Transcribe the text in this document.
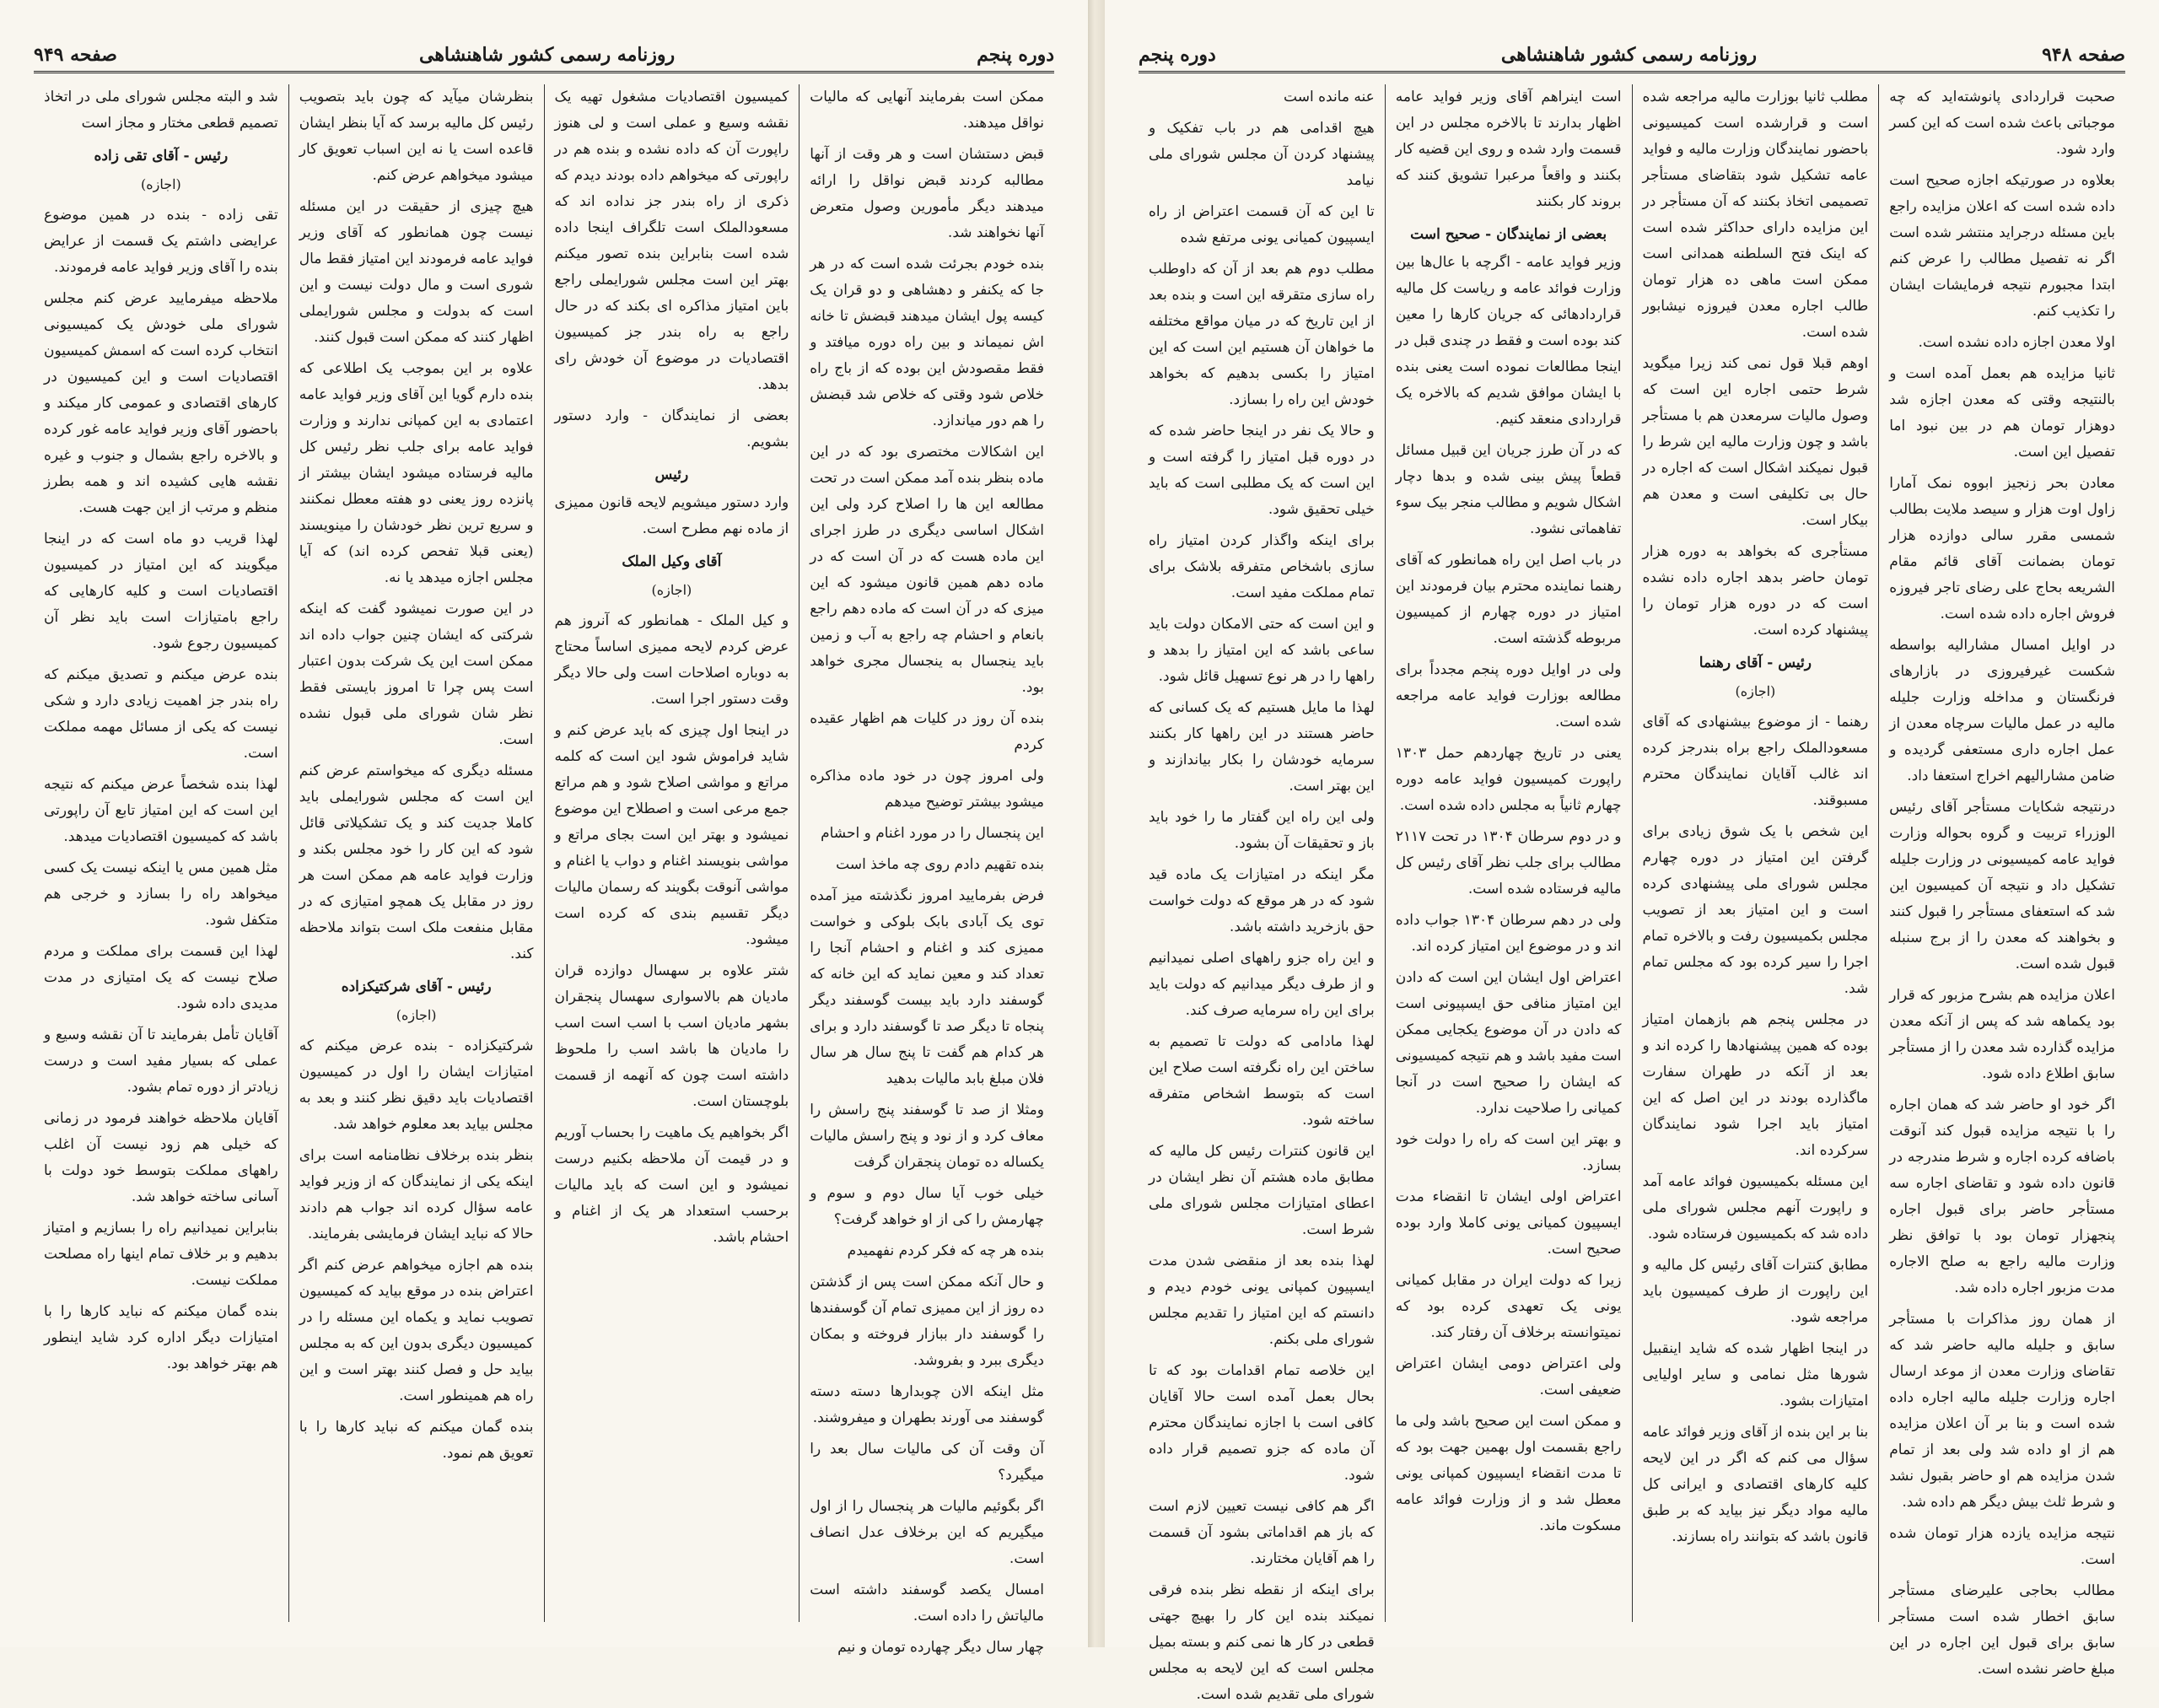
دوره پنجم
روزنامه رسمی کشور شاهنشاهی
صفحه ۹۴۹

ممکن است بفرمایند آنهایی که مالیات نواقل میدهند.

قبض دستشان است و هر وقت از آنها مطالبه کردند قبض نواقل را ارائه میدهند دیگر مأمورین وصول متعرض آنها نخواهند شد.

بنده خودم بجرئت شده است که در هر جا که یکنفر و دهشاهی و دو قران یک کیسه پول ایشان میدهند قبضش تا خانه اش نمیماند و بین راه دوره میافتد و فقط مقصودش این بوده که از باج راه خلاص شود وقتی که خلاص شد قبضش را هم دور میاندازد.

این اشکالات مختصری بود که در این ماده بنظر بنده آمد ممکن است در تحت مطالعه این ها را اصلاح کرد ولی این اشکال اساسی دیگری در طرز اجرای این ماده هست که در آن است که در ماده دهم همین قانون میشود که این میزی که در آن است که ماده دهم راجع بانعام و احشام چه راجع به آب و زمین باید ینجسال به ینجسال مجری خواهد بود.

بنده آن روز در کلیات هم اظهار عقیده کردم

ولی امروز چون در خود ماده مذاکره میشود بیشتر توضیح میدهم

این پنجسال را در مورد اغنام و احشام

بنده تقهیم دادم روی چه ماخذ است

فرض بفرمایید امروز نگذشته میز آمده توی یک آبادی بابک بلوکی و خواست ممیزی کند و اغنام و احشام آنجا را تعداد کند و معین نماید که این خانه که گوسفند دارد باید بیست گوسفند دیگر پنجاه تا دیگر صد تا گوسفند دارد و برای هر کدام هم گفت تا پنج سال هر سال فلان مبلغ بابد مالیات بدهید

ومثلا از صد تا گوسفند پنج راسش را معاف کرد و از نود و پنج راسش مالیات یکساله ده تومان پنجقران گرفت

خیلی خوب آیا سال دوم و سوم و چهارمش را کی از او خواهد گرفت؟

بنده هر چه که فکر کردم نفهمیدم

و حال آنکه ممکن است پس از گذشتن ده روز از این ممیزی تمام آن گوسفندها را گوسفند دار ببازار فروخته و بمکان دیگری ببرد و بفروشد.

مثل اینکه الان چوبدارها دسته دسته گوسفند می آورند بطهران و میفروشند.

آن وقت آن کی مالیات سال بعد را میگیرد؟

اگر بگوئیم مالیات هر پنجسال را از اول میگیریم که این برخلاف عدل انصاف است.

امسال یکصد گوسفند داشته است مالیاتش را داده است.

چهار سال دیگر چهارده تومان و نیم

کمیسیون اقتصادیات مشغول تهیه یک نقشه وسیع و عملی است و لی هنوز راپورت آن که داده نشده و بنده هم در راپورتی که میخواهم داده بودند دیدم که ذکری از راه بندر جز نداده اند که مسعودالملک است تلگراف اینجا داده شده است بنابراین بنده تصور میکنم بهتر این است مجلس شورایملی راجع باین امتیاز مذاکره ای بکند که در حال راجع به راه بندر جز کمیسیون اقتصادیات در موضوع آن خودش رای بدهد.

بعضی از نمایندگان - وارد دستور بشویم.

رئیس

وارد دستور میشویم لایحه قانون ممیزی از ماده نهم مطرح است.

آقای وکیل الملک
(اجازه)

و کیل الملک - همانطور که آنروز هم عرض کردم لایحه ممیزی اساساً محتاج به دوباره اصلاحات است ولی حالا دیگر وقت دستور اجرا است.

در اینجا اول چیزی که باید عرض کنم و شاید فراموش شود این است که کلمه مراتع و مواشی اصلاح شود و هم مراتع جمع مرعی است و اصطلاح این موضوع نمیشود و بهتر این است بجای مراتع و مواشی بنویسند اغنام و دواب یا اغنام و مواشی آنوقت بگویند که رسمان مالیات دیگر تقسیم بندی که کرده است میشود.

شتر علاوه بر سهسال دوازده قران مادیان هم بالاسواری سهسال پنجقران بشهر مادیان اسب با اسب است اسب را مادیان ها باشد اسب را ملحوظ داشته است چون که آنهمه از قسمت بلوچستان است.

اگر بخواهیم یک ماهیت را بحساب آوریم و در قیمت آن ملاحظه بکنیم درست نمیشود و این است که باید مالیات برحسب استعداد هر یک از اغنام و احشام باشد.

بنظرشان میآید که چون باید بتصویب رئیس کل مالیه برسد که آیا بنظر ایشان قاعده است یا نه این اسباب تعویق کار میشود میخواهم عرض کنم.

هیچ چیزی از حقیقت در این مسئله نیست چون همانطور که آقای وزیر فواید عامه فرمودند این امتیاز فقط مال شوری است و مال دولت نیست و این است که بدولت و مجلس شورایملی اظهار کنند که ممکن است قبول کنند.

علاوه بر این بموجب یک اطلاعی که بنده دارم گویا این آقای وزیر فواید عامه اعتمادی به این کمپانی ندارند و وزارت فواید عامه برای جلب نظر رئیس کل مالیه فرستاده میشود ایشان بیشتر از پانزده روز یعنی دو هفته معطل نمکنند و سریع ترین نظر خودشان را مینویسند (یعنی قبلا تفحص کرده اند) که آیا مجلس اجازه میدهد یا نه.

در این صورت نمیشود گفت که اینکه شرکتی که ایشان چنین جواب داده اند ممکن است این یک شرکت بدون اعتبار است پس چرا تا امروز بایستی فقط نظر شان شورای ملی قبول نشده است.

مسئله دیگری که میخواستم عرض کنم این است که مجلس شورایملی باید کاملا جدیت کند و یک تشکیلاتی قائل شود که این کار را خود مجلس بکند و وزارت فواید عامه هم ممکن است هر روز در مقابل یک همچو امتیازی که در مقابل منفعت ملک است بتواند ملاحظه کند.

رئیس - آقای شرکتیکزاده
(اجازه)

شرکتیکزاده - بنده عرض میکنم که امتیازات ایشان را اول در کمیسیون اقتصادیات باید دقیق نظر کنند و بعد به مجلس بیاید بعد معلوم خواهد شد.

بنظر بنده برخلاف نظامنامه است برای اینکه یکی از نمایندگان که از وزیر فواید عامه سؤال کرده اند جواب هم دادند حالا که نباید ایشان فرمایشی بفرمایند.

بنده هم اجازه میخواهم عرض کنم اگر اعتراض بنده در موقع بیاید که کمیسیون تصویب نماید و یکماه این مسئله را در کمیسیون دیگری بدون این که به مجلس بیاید حل و فصل کنند بهتر است و این راه هم همینطور است.

بنده گمان میکنم که نباید کارها را با تعویق هم نمود.

شد و البته مجلس شورای ملی در اتخاذ تصمیم قطعی مختار و مجاز است

رئیس - آقای تقی زاده
(اجازه)

تقی زاده - بنده در همین موضوع عرایضی داشتم یک قسمت از عرایض بنده را آقای وزیر فواید عامه فرمودند.

ملاحظه میفرمایید عرض کنم مجلس شورای ملی خودش یک کمیسیونی انتخاب کرده است که اسمش کمیسیون اقتصادیات است و این کمیسیون در کارهای اقتصادی و عمومی کار میکند و باحضور آقای وزیر فواید عامه غور کرده و بالاخره راجع بشمال و جنوب و غیره نقشه هایی کشیده اند و همه بطرز منظم و مرتب از این جهت هست.

لهذا قریب دو ماه است که در اینجا میگویند که این امتیاز در کمیسیون اقتصادیات است و کلیه کارهایی که راجع بامتیازات است باید نظر آن کمیسیون رجوع شود.

بنده عرض میکنم و تصدیق میکنم که راه بندر جز اهمیت زیادی دارد و شکی نیست که یکی از مسائل مهمه مملکت است.

لهذا بنده شخصاً عرض میکنم که نتیجه این است که این امتیاز تابع آن راپورتی باشد که کمیسیون اقتصادیات میدهد.

مثل همین مس یا اینکه نیست یک کسی میخواهد راه را بسازد و خرجی هم متکفل شود.

لهذا این قسمت برای مملکت و مردم صلاح نیست که یک امتیازی در مدت مدیدی داده شود.

آقایان تأمل بفرمایند تا آن نقشه وسیع و عملی که بسیار مفید است و درست زیادتر از دوره تمام بشود.

آقایان ملاحظه خواهند فرمود در زمانی که خیلی هم زود نیست آن اغلب راههای مملکت بتوسط خود دولت با آسانی ساخته خواهد شد.

بنابراین نمیدانیم راه را بسازیم و امتیاز بدهیم و بر خلاف تمام اینها راه مصلحت مملکت نیست.

بنده گمان میکنم که نباید کارها را با امتیازات دیگر اداره کرد شاید اینطور هم بهتر خواهد بود.

صفحه ۹۴۸
روزنامه رسمی کشور شاهنشاهی
دوره پنجم

صحبت قراردادی پانوشته‌اید که چه موجباتی باعث شده است که این کسر وارد شود.

بعلاوه در صورتیکه اجازه صحیح است داده شده است که اعلان مزایده راجع باین مسئله درجراید منتشر شده است اگر نه تفصیل مطالب را عرض کنم ابتدا مجبورم نتیجه فرمایشات ایشان را تکذیب کنم.

اولا معدن اجازه داده نشده است.

ثانیا مزایده هم بعمل آمده است و بالنتیجه وقتی که معدن اجازه شد دوهزار تومان هم در بین نبود اما تفصیل این است.

معادن بحر زنجیز ابووه نمک آمارا زاول اوت هزار و سیصد ملایت بطالب شمسی مقرر سالی دوازده هزار تومان بضمانت آقای قائم مقام الشریعه بحاج علی رضای تاجر فیروزه فروش اجاره داده شده است.

در اوایل امسال مشارالیه بواسطه شکست غیرفیروزی در بازارهای فرنگستان و مداخله وزارت جلیله مالیه در عمل مالیات سرچاه معدن از عمل اجاره داری مستعفی گردیده و ضامن مشارالیهم اخراج استعفا داد.

درنتیجه شکایات مستأجر آقای رئیس الوزراء تربیت و گروه بحواله وزارت فواید عامه کمیسیونی در وزارت جلیله تشکیل داد و نتیجه آن کمیسیون این شد که استعفای مستأجر را قبول کنند و بخواهند که معدن را از برج سنبله قبول شده است.

اعلان مزایده هم بشرح مزبور که قرار بود یکماهه شد که پس از آنکه معدن مزایده گذارده شد معدن را از مستأجر سابق اطلاع داده شود.

اگر خود او حاضر شد که همان اجاره را با نتیجه مزایده قبول کند آنوقت باضافه کرده اجاره و شرط مندرجه در قانون داده شود و تقاضای اجاره سه مستأجر حاضر برای قبول اجاره پنجهزار تومان بود با توافق نظر وزارت مالیه راجع به صلح الاجاره مدت مزبور اجاره داده شد.

از همان روز مذاکرات با مستأجر سابق و جلیله مالیه حاضر شد که تقاضای وزارت معدن از موعد ارسال اجاره وزارت جلیله مالیه اجاره داده شده است و بنا بر آن اعلان مزایده هم از او داده شد ولی بعد از تمام شدن مزایده هم او حاضر بقبول نشد و شرط ثلث بیش دیگر هم داده شد.

نتیجه مزایده یازده هزار تومان شده است.

مطالب بحاجی علیرضای مستأجر سابق اخطار شده است مستأجر سابق برای قبول این اجاره در این مبلغ حاضر نشده است.

مطلب ثانیا بوزارت مالیه مراجعه شده است و قرارشده است کمیسیونی باحضور نمایندگان وزارت مالیه و فواید عامه تشکیل شود بتقاضای مستأجر تصمیمی اتخاذ بکنند که آن مستأجر در این مزایده دارای حداکثر شده است که اینک فتح السلطنه همدانی است ممکن است ماهی ده هزار تومان طالب اجاره معدن فیروزه نیشابور شده است.

اوهم قبلا قول نمی کند زیرا میگوید شرط حتمی اجاره این است که وصول مالیات سرمعدن هم با مستأجر باشد و چون وزارت مالیه این شرط را قبول نمیکند اشکال است که اجاره در حال بی تکلیفی است و معدن هم بیکار است.

مستأجری که بخواهد به دوره هزار تومان حاضر بدهد اجاره داده نشده است که در دوره هزار تومان را پیشنهاد کرده است.

رئیس - آقای رهنما
(اجازه)

رهنما - از موضوع بیشنهادی که آقای مسعودالملک راجع براه بندرجز کرده اند غالب آقایان نمایندگان محترم مسبوقند.

این شخص با یک شوق زیادی برای گرفتن این امتیاز در دوره چهارم مجلس شورای ملی پیشنهادی کرده است و این امتیاز بعد از تصویب مجلس بکمیسیون رفت و بالاخره تمام اجرا را سیر کرده بود که مجلس تمام شد.

در مجلس پنجم هم بازهمان امتیاز بوده که همین پیشنهادها را کرده اند و بعد از آنکه در طهران سفارت ماگذارده بودند در این اصل که این امتیاز باید اجرا شود نمایندگان سرکرده اند.

این مسئله بکمیسیون فوائد عامه آمد و راپورت آنهم مجلس شورای ملی داده شد که بکمیسیون فرستاده شود.

مطابق کنترات آقای رئیس کل مالیه و این راپورت از طرف کمیسیون باید مراجعه شود.

در اینجا اظهار شده که شاید اینقبیل شورها مثل نمامی و سایر اولیایی امتیازات بشود.

بنا بر این بنده از آقای وزیر فوائد عامه سؤال می کنم که اگر در این لایحه کلیه کارهای اقتصادی و ایرانی کل مالیه مواد دیگر نیز بیاید که بر طبق قانون باشد که بتوانند راه بسازند.

است اینراهم آقای وزیر فواید عامه اظهار بدارند تا بالاخره مجلس در این قسمت وارد شده و روی این قضیه کار بکنند و واقعاً مرعبرا تشویق کنند که بروند کار بکنند

بعضی از نمایندگان - صحیح است

وزیر فواید عامه - اگرچه با عال‌ها بین وزارت فوائد عامه و ریاست کل مالیه قراردادهائی که جریان کارها را معین کند بوده است و فقط در چندی قبل در اینجا مطالعات نموده است یعنی بنده با ایشان موافق شدیم که بالاخره یک قراردادی منعقد کنیم.

که در آن طرز جریان این قبیل مسائل قطعاً پیش بینی شده و بدها دچار اشکال شویم و مطالب منجر بیک سوء تفاهماتی نشود.

در باب اصل این راه همانطور که آقای رهنما نماینده محترم بیان فرمودند این امتیاز در دوره چهارم از کمیسیون مربوطه گذشته است.

ولی در اوایل دوره پنجم مجدداً برای مطالعه بوزارت فواید عامه مراجعه شده است.

یعنی در تاریخ چهاردهم حمل ۱۳۰۳ راپورت کمیسیون فواید عامه دوره چهارم ثانیاً به مجلس داده شده است.

و در دوم سرطان ۱۳۰۴ در تحت ۲۱۱۷ مطالب برای جلب نظر آقای رئیس کل مالیه فرستاده شده است.

ولی در دهم سرطان ۱۳۰۴ جواب داده اند و در موضوع این امتیاز کرده اند.

اعتراض اول ایشان این است که دادن این امتیاز منافی حق ایسپیونی است که دادن در آن موضوع یکجایی ممکن است مفید باشد و هم نتیجه کمیسیونی که ایشان را صحیح است در آنجا کمیانی را صلاحیت ندارد.

و بهتر این است که راه را دولت خود بسازد.

اعتراض اولی ایشان تا انقضاء مدت ایسپیون کمیانی یونی کاملا وارد بوده صحیح است.

زیرا که دولت ایران در مقابل کمیانی یونی یک تعهدی کرده بود که نمیتوانسته برخلاف آن رفتار کند.

ولی اعتراض دومی ایشان اعتراض ضعیفی است.

و ممکن است این صحیح باشد ولی ما راجع بقسمت اول بهمین جهت بود که تا مدت انقضاء ایسپیون کمپانی یونی معطل شد و از وزارت فوائد عامه مسکوت ماند.

عنه مانده است

هیچ اقدامی هم در باب تفکیک و پیشنهاد کردن آن مجلس شورای ملی نیامد

تا این که آن قسمت اعتراض از راه ایسپیون کمیانی یونی مرتفع شده

مطلب دوم هم بعد از آن که داوطلب راه سازی متقرقه این است و بنده بعد از این تاریخ که در میان مواقع مختلفه ما خواهان آن هستیم این است که این امتیاز را بکسی بدهیم که بخواهد خودش این راه را بسازد.

و حالا یک نفر در اینجا حاضر شده که در دوره قبل امتیاز را گرفته است و این است که یک مطلبی است که باید خیلی تحقیق شود.

برای اینکه واگذار کردن امتیاز راه سازی باشخاص متفرقه بلاشک برای تمام مملکت مفید است.

و این است که حتی الامکان دولت باید ساعی باشد که این امتیاز را بدهد و راهها را در هر نوع تسهیل قائل شود.

لهذا ما مایل هستیم که یک کسانی که حاضر هستند در این راهها کار بکنند سرمایه خودشان را بکار بیاندازند و این بهتر است.

ولی این راه این گفتار ما را خود باید باز و تحقیقات آن بشود.

مگر اینکه در امتیازات یک ماده قید شود که در هر موقع که دولت خواست حق بازخرید داشته باشد.

و این راه جزو راههای اصلی نمیدانیم و از طرف دیگر میدانیم که دولت باید برای این راه سرمایه صرف کند.

لهذا مادامی که دولت تا تصمیم به ساختن این راه نگرفته است صلاح این است که بتوسط اشخاص متفرقه ساخته شود.

این قانون کنترات رئیس کل مالیه که مطابق ماده هشتم آن نظر ایشان در اعطای امتیازات مجلس شورای ملی شرط است.

لهذا بنده بعد از منقضی شدن مدت ایسپیون کمپانی یونی خودم دیدم و دانستم که این امتیاز را تقدیم مجلس شورای ملی بکنم.

این خلاصه تمام اقدامات بود که تا بحال بعمل آمده است حالا آقایان کافی است با اجازه نمایندگان محترم آن ماده که جزو تصمیم قرار داده شود.

اگر هم کافی نیست تعیین لازم است که باز هم اقداماتی بشود آن قسمت را هم آقایان مختارند.

برای اینکه از نقطه نظر بنده فرقی نمیکند بنده این کار را بهیچ جهتی قطعی در کار ها نمی کنم و بسته بمیل مجلس است که این لایحه به مجلس شورای ملی تقدیم شده است.
